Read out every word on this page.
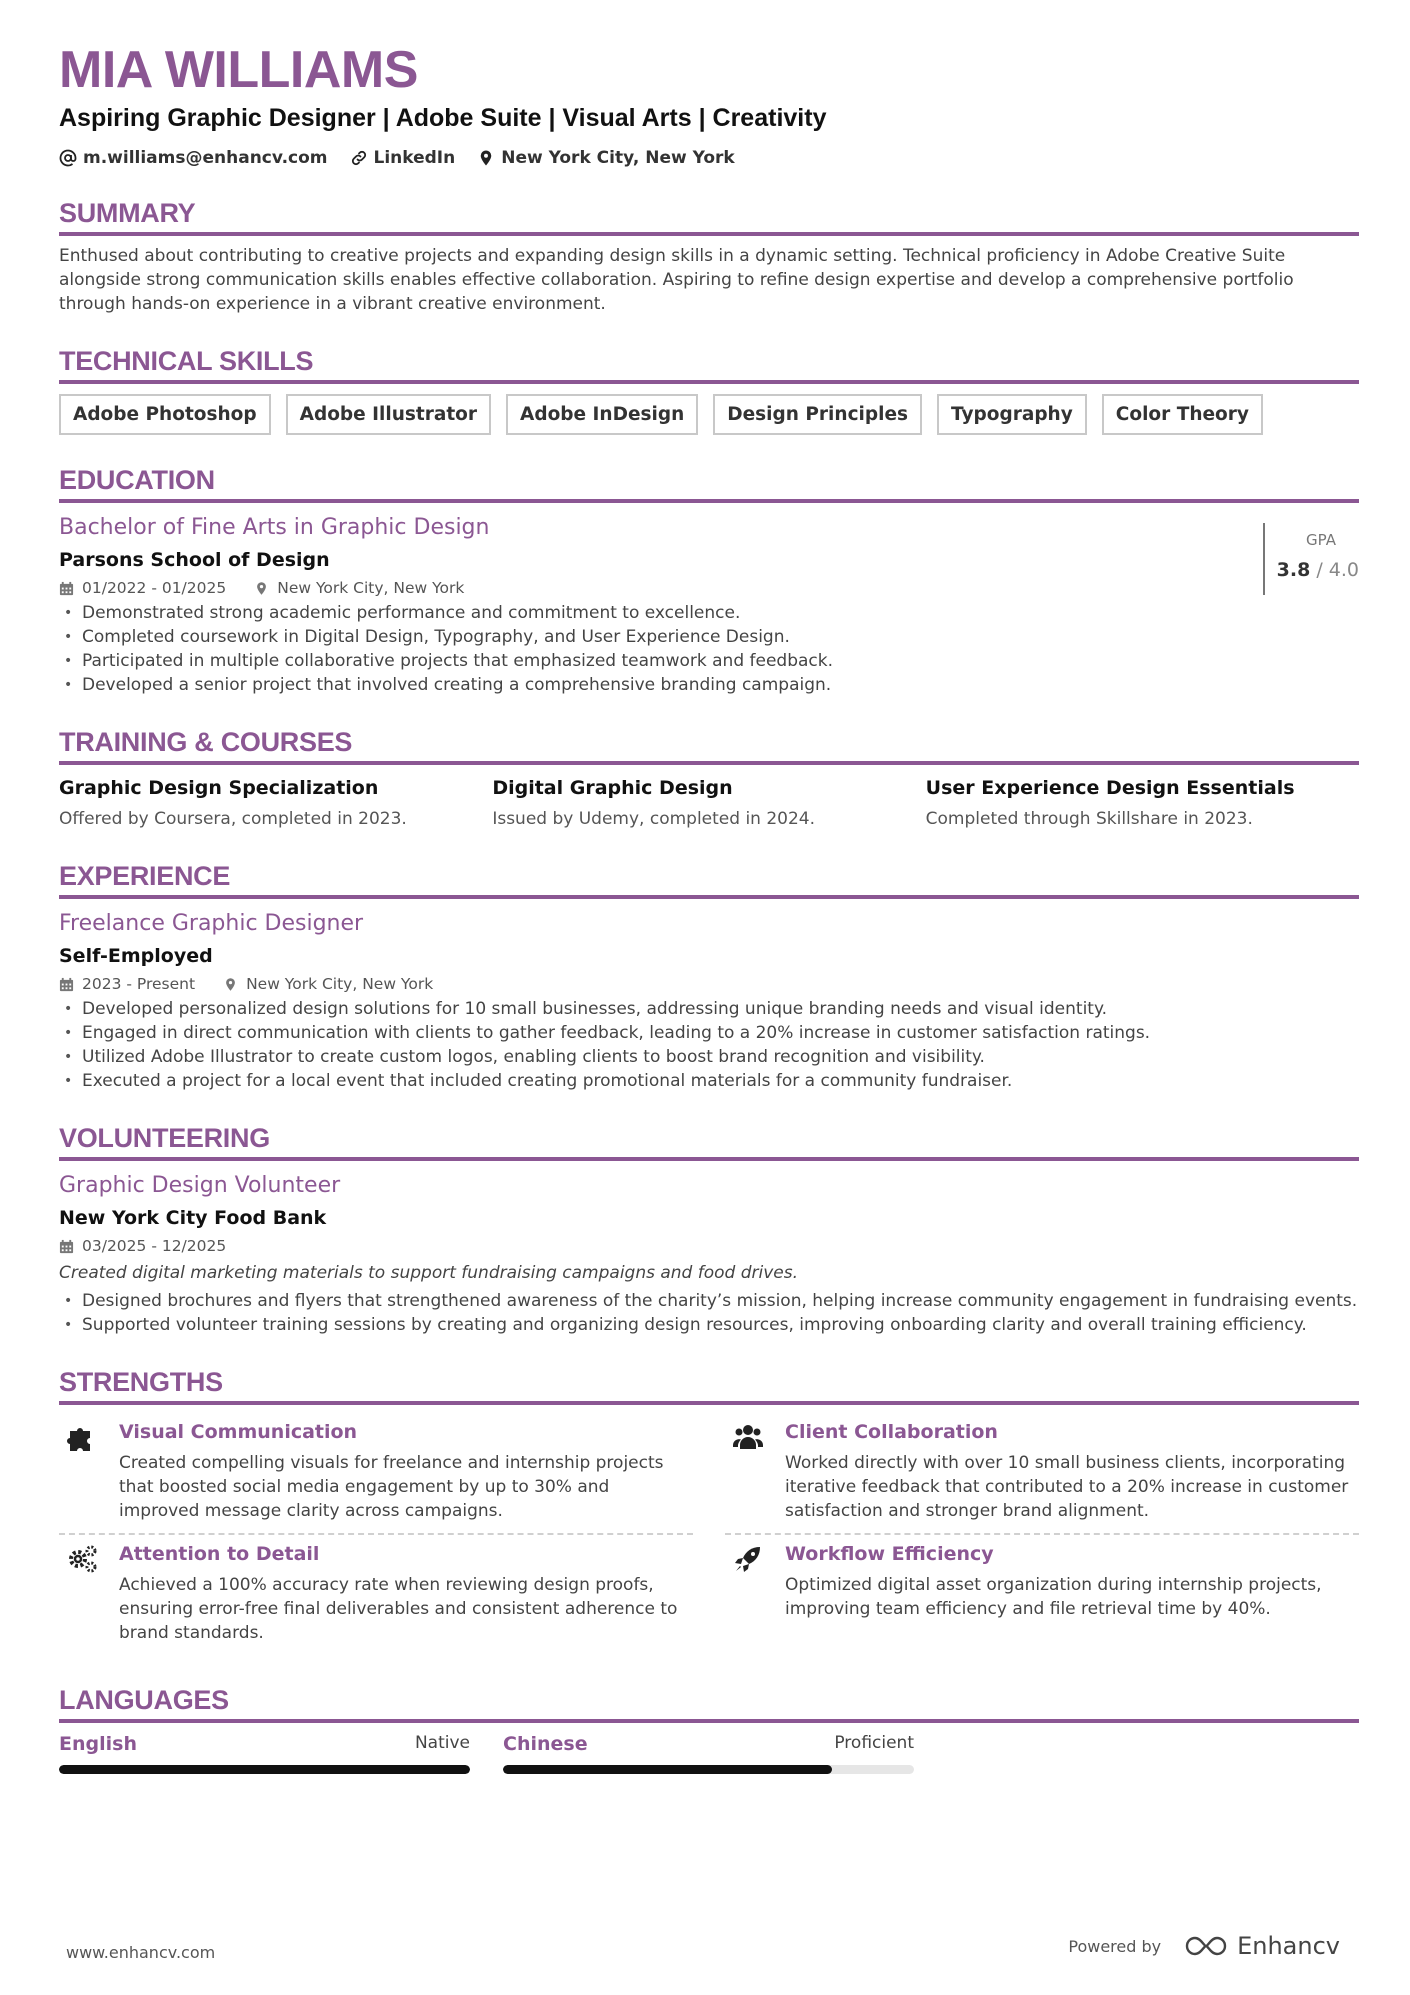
MIA WILLIAMS
Aspiring Graphic Designer | Adobe Suite | Visual Arts | Creativity
m.williams@enhancv.com	LinkedIn	New York City, New York
SUMMARY
Enthused about contributing to creative projects and expanding design skills in a dynamic setting. Technical proficiency in Adobe Creative Suite alongside strong communication skills enables effective collaboration. Aspiring to refine design expertise and develop a comprehensive portfolio through hands-on experience in a vibrant creative environment.
TECHNICAL SKILLS
Adobe Photoshop	Adobe Illustrator	Adobe InDesign	Design Principles	Typography	Color Theory
EDUCATION
Bachelor of Fine Arts in Graphic Design
Parsons School of Design
01/2022 - 01/2025	New York City, New York
• Demonstrated strong academic performance and commitment to excellence.
• Completed coursework in Digital Design, Typography, and User Experience Design.
• Participated in multiple collaborative projects that emphasized teamwork and feedback.
• Developed a senior project that involved creating a comprehensive branding campaign.
GPA
3.8 / 4.0
TRAINING & COURSES
Graphic Design Specialization
Offered by Coursera, completed in 2023.
Digital Graphic Design
Issued by Udemy, completed in 2024.
User Experience Design Essentials
Completed through Skillshare in 2023.
EXPERIENCE
Freelance Graphic Designer
Self-Employed
2023 - Present	New York City, New York
• Developed personalized design solutions for 10 small businesses, addressing unique branding needs and visual identity.
• Engaged in direct communication with clients to gather feedback, leading to a 20% increase in customer satisfaction ratings.
• Utilized Adobe Illustrator to create custom logos, enabling clients to boost brand recognition and visibility.
• Executed a project for a local event that included creating promotional materials for a community fundraiser.
VOLUNTEERING
Graphic Design Volunteer
New York City Food Bank
03/2025 - 12/2025
Created digital marketing materials to support fundraising campaigns and food drives.
• Designed brochures and flyers that strengthened awareness of the charity’s mission, helping increase community engagement in fundraising events.
• Supported volunteer training sessions by creating and organizing design resources, improving onboarding clarity and overall training efficiency.
STRENGTHS
Visual Communication
Created compelling visuals for freelance and internship projects that boosted social media engagement by up to 30% and improved message clarity across campaigns.
Client Collaboration
Worked directly with over 10 small business clients, incorporating iterative feedback that contributed to a 20% increase in customer satisfaction and stronger brand alignment.
Attention to Detail
Achieved a 100% accuracy rate when reviewing design proofs, ensuring error-free final deliverables and consistent adherence to brand standards.
Workflow Efficiency
Optimized digital asset organization during internship projects, improving team efficiency and file retrieval time by 40%.
LANGUAGES
English	Native Chinese	Proficient
www.enhancv.com	Powered by	Enhancv
